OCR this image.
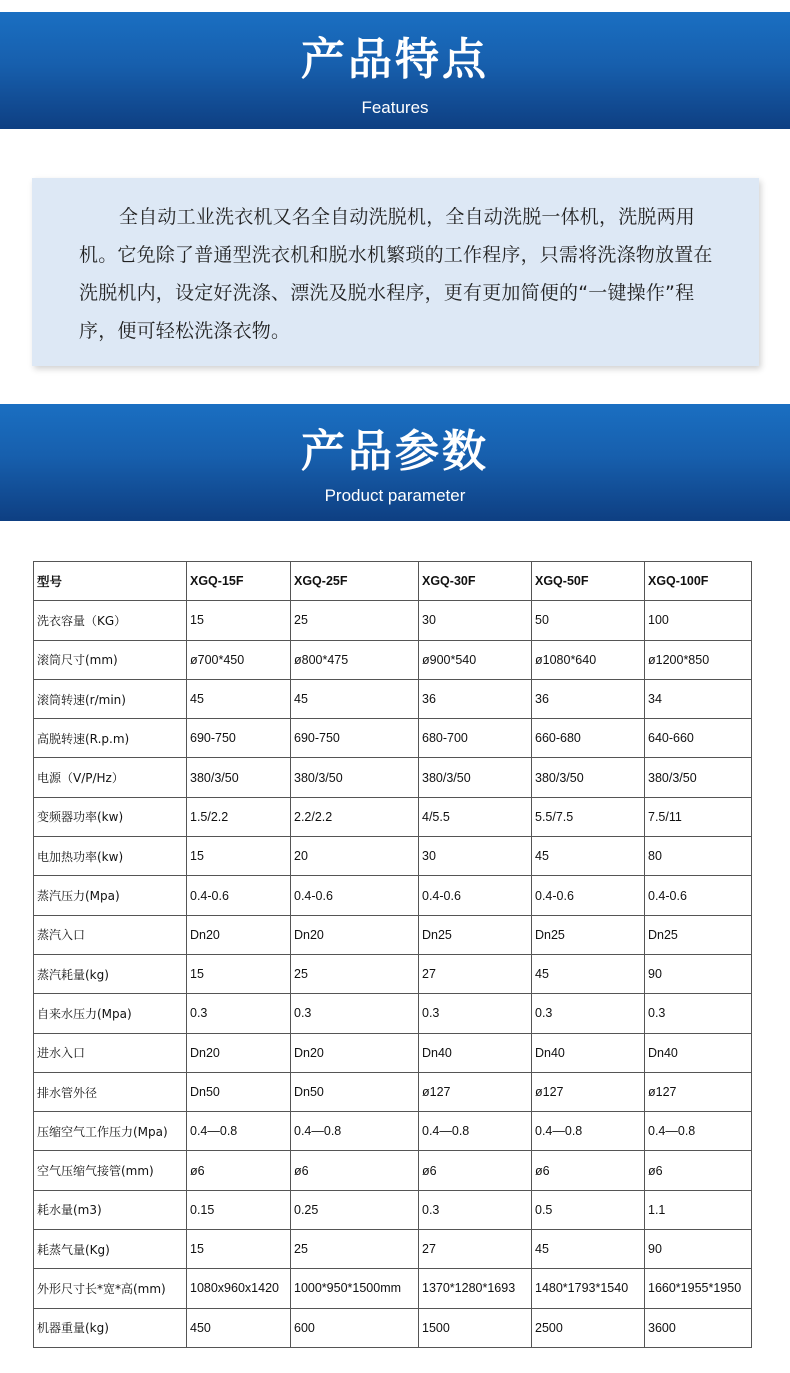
产品特点
Features
全自动工业洗衣机又名全自动洗脱机，全自动洗脱一体机，洗脱两用机。它免除了普通型洗衣机和脱水机繁琐的工作程序，只需将洗涤物放置在洗脱机内，设定好洗涤、漂洗及脱水程序，更有更加简便的“一键操作”程序，便可轻松洗涤衣物。
产品参数
Product parameter
型号	XGQ-15F	XGQ-25F	XGQ-30F	XGQ-50F	XGQ-100F
洗衣容量（KG）	15	25	30	50	100
滚筒尺寸(mm)	ø700*450	ø800*475	ø900*540	ø1080*640	ø1200*850
滚筒转速(r/min)	45	45	36	36	34
高脱转速(R.p.m)	690-750	690-750	680-700	660-680	640-660
电源（V/P/Hz）	380/3/50	380/3/50	380/3/50	380/3/50	380/3/50
变频器功率(kw)	1.5/2.2	2.2/2.2	4/5.5	5.5/7.5	7.5/11
电加热功率(kw)	15	20	30	45	80
蒸汽压力(Mpa)	0.4-0.6	0.4-0.6	0.4-0.6	0.4-0.6	0.4-0.6
蒸汽入口	Dn20	Dn20	Dn25	Dn25	Dn25
蒸汽耗量(kg)	15	25	27	45	90
自来水压力(Mpa)	0.3	0.3	0.3	0.3	0.3
进水入口	Dn20	Dn20	Dn40	Dn40	Dn40
排水管外径	Dn50	Dn50	ø127	ø127	ø127
压缩空气工作压力(Mpa)	0.4—0.8	0.4—0.8	0.4—0.8	0.4—0.8	0.4—0.8
空气压缩气接管(mm)	ø6	ø6	ø6	ø6	ø6
耗水量(m3)	0.15	0.25	0.3	0.5	1.1
耗蒸气量(Kg)	15	25	27	45	90
外形尺寸长*宽*高(mm)	1080x960x1420	1000*950*1500mm	1370*1280*1693	1480*1793*1540	1660*1955*1950
机器重量(kg)	450	600	1500	2500	3600
